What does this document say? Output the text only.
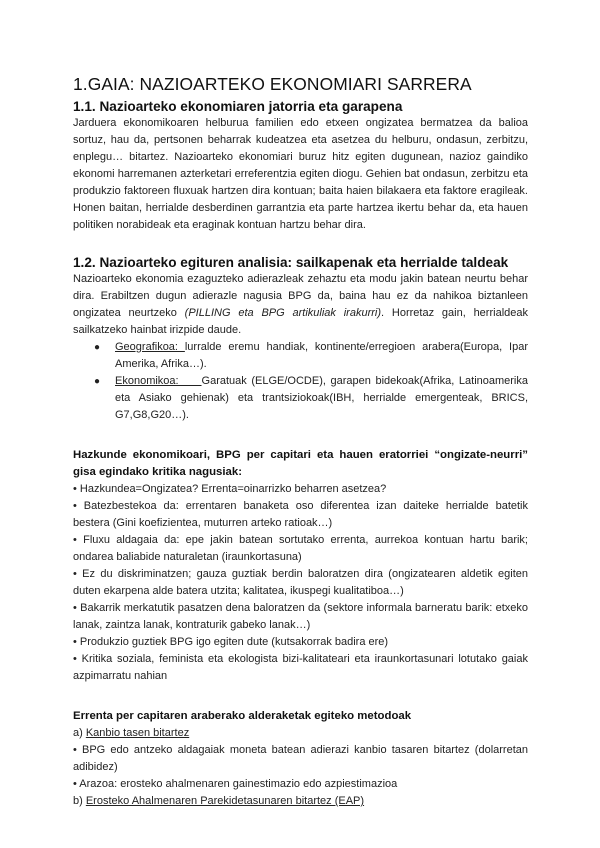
1.GAIA: NAZIOARTEKO EKONOMIARI SARRERA
1.1. Nazioarteko ekonomiaren jatorria eta garapena

Jarduera ekonomikoaren helburua familien edo etxeen ongizatea bermatzea da balioa sortuz, hau da, pertsonen beharrak kudeatzea eta asetzea du helburu, ondasun, zerbitzu, enplegu… bitartez. Nazioarteko ekonomiari buruz hitz egiten dugunean, nazioz gaindiko ekonomi harremanen azterketari erreferentzia egiten diogu. Gehien bat ondasun, zerbitzu eta produkzio faktoreen fluxuak hartzen dira kontuan; baita haien bilakaera eta faktore eragileak. Honen baitan, herrialde desberdinen garrantzia eta parte hartzea ikertu behar da, eta hauen politiken norabideak eta eraginak kontuan hartzu behar dira.

1.2. Nazioarteko egituren analisia: sailkapenak eta herrialde taldeak

Nazioarteko ekonomia ezaguzteko adierazleak zehaztu eta modu jakin batean neurtu behar dira. Erabiltzen dugun adierazle nagusia BPG da, baina hau ez da nahikoa biztanleen ongizatea neurtzeko (PILLING eta BPG artikuliak irakurri). Horretaz gain, herrialdeak sailkatzeko hainbat irizpide daude.

● Geografikoa: lurralde eremu handiak, kontinente/erregioen arabera(Europa, Ipar Amerika, Afrika…).
● Ekonomikoa:     Garatuak (ELGE/OCDE), garapen bidekoak(Afrika, Latinoamerika eta Asiako gehienak) eta trantsiziokoak(IBH, herrialde emergenteak, BRICS, G7,G8,G20…).

Hazkunde ekonomikoari, BPG per capitari eta hauen eratorriei “ongizate-neurri” gisa egindako kritika nagusiak:

• Hazkundea=Ongizatea? Errenta=oinarrizko beharren asetzea?

• Batezbestekoa da: errentaren banaketa oso diferentea izan daiteke herrialde batetik bestera (Gini koefizientea, muturren arteko ratioak…)

• Fluxu aldagaia da: epe jakin batean sortutako errenta, aurrekoa kontuan hartu barik; ondarea baliabide naturaletan (iraunkortasuna)

• Ez du diskriminatzen; gauza guztiak berdin baloratzen dira (ongizatearen aldetik egiten duten ekarpena alde batera utzita; kalitatea, ikuspegi kualitatiboa…)

• Bakarrik merkatutik pasatzen dena baloratzen da (sektore informala barneratu barik: etxeko lanak, zaintza lanak, kontraturik gabeko lanak…)

• Produkzio guztiek BPG igo egiten dute (kutsakorrak badira ere)

• Kritika soziala, feminista eta ekologista bizi-kalitateari eta iraunkortasunari lotutako gaiak azpimarratu nahian

Errenta per capitaren araberako alderaketak egiteko metodoak

a) Kanbio tasen bitartez

• BPG edo antzeko aldagaiak moneta batean adierazi kanbio tasaren bitartez (dolarretan adibidez)

• Arazoa: erosteko ahalmenaren gainestimazio edo azpiestimazioa

b) Erosteko Ahalmenaren Parekidetasunaren bitartez (EAP)
